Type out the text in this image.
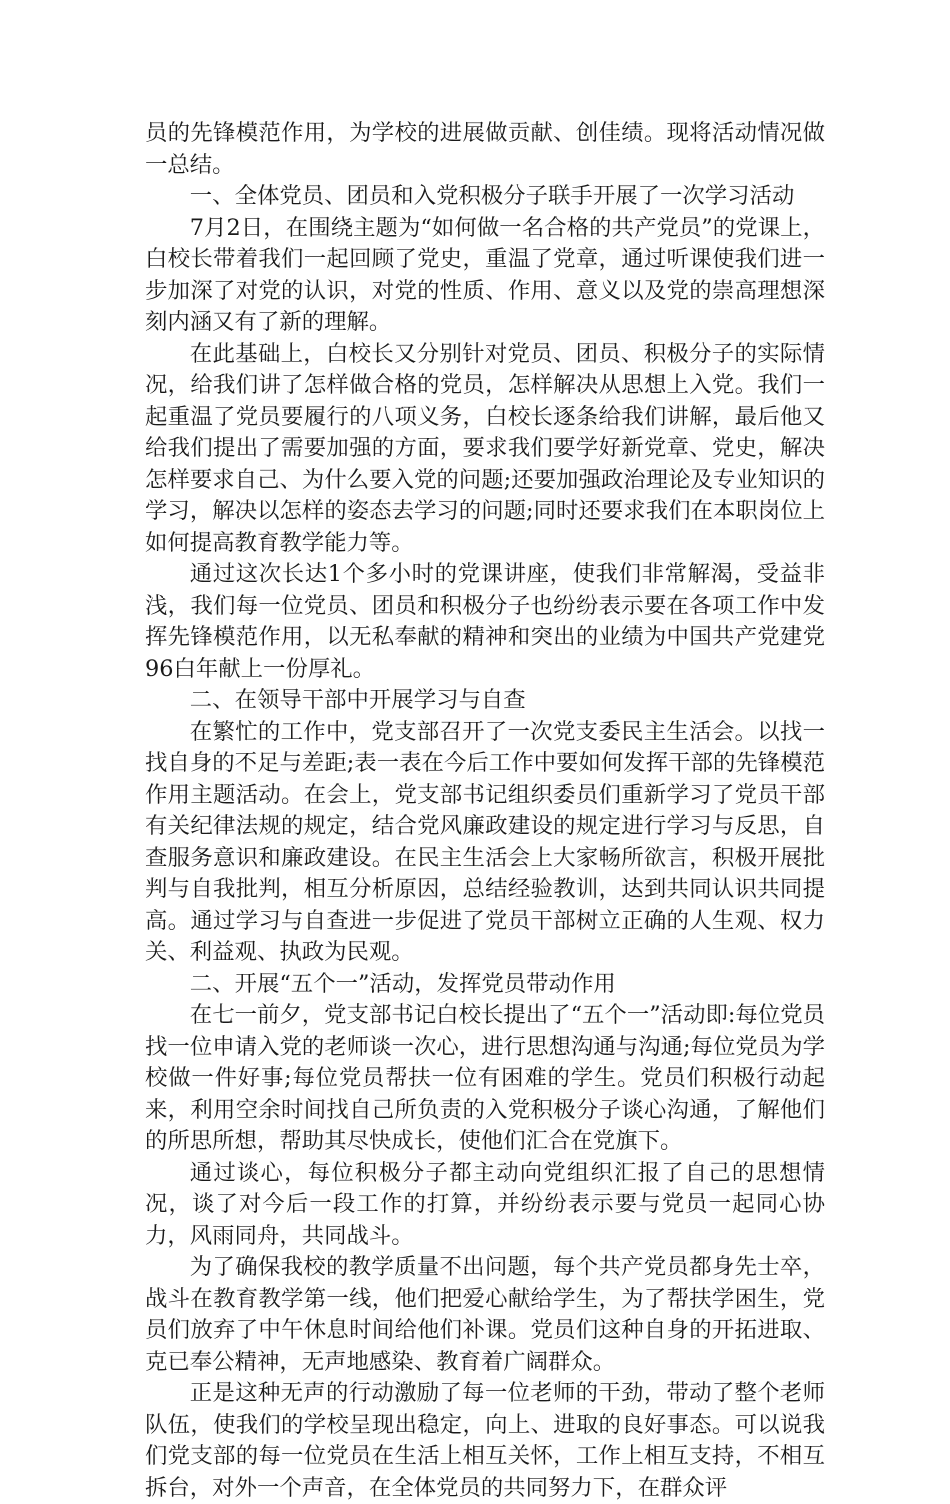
员的先锋模范作用，为学校的进展做贡献、创佳绩。现将活动情况做一总结。

一、全体党员、团员和入党积极分子联手开展了一次学习活动

7月2日，在围绕主题为“如何做一名合格的共产党员”的党课上，白校长带着我们一起回顾了党史，重温了党章，通过听课使我们进一步加深了对党的认识，对党的性质、作用、意义以及党的崇高理想深刻内涵又有了新的理解。

在此基础上，白校长又分别针对党员、团员、积极分子的实际情况，给我们讲了怎样做合格的党员，怎样解决从思想上入党。我们一起重温了党员要履行的八项义务，白校长逐条给我们讲解，最后他又给我们提出了需要加强的方面，要求我们要学好新党章、党史，解决怎样要求自己、为什么要入党的问题;还要加强政治理论及专业知识的学习，解决以怎样的姿态去学习的问题;同时还要求我们在本职岗位上如何提高教育教学能力等。

通过这次长达1个多小时的党课讲座，使我们非常解渴，受益非浅，我们每一位党员、团员和积极分子也纷纷表示要在各项工作中发挥先锋模范作用，以无私奉献的精神和突出的业绩为中国共产党建党96白年献上一份厚礼。

二、在领导干部中开展学习与自查

在繁忙的工作中，党支部召开了一次党支委民主生活会。以找一找自身的不足与差距;表一表在今后工作中要如何发挥干部的先锋模范作用主题活动。在会上，党支部书记组织委员们重新学习了党员干部有关纪律法规的规定，结合党风廉政建设的规定进行学习与反思，自查服务意识和廉政建设。在民主生活会上大家畅所欲言，积极开展批判与自我批判，相互分析原因，总结经验教训，达到共同认识共同提高。通过学习与自查进一步促进了党员干部树立正确的人生观、权力关、利益观、执政为民观。

二、开展“五个一”活动，发挥党员带动作用

在七一前夕，党支部书记白校长提出了“五个一”活动即:每位党员找一位申请入党的老师谈一次心，进行思想沟通与沟通;每位党员为学校做一件好事;每位党员帮扶一位有困难的学生。党员们积极行动起来，利用空余时间找自己所负责的入党积极分子谈心沟通，了解他们的所思所想，帮助其尽快成长，使他们汇合在党旗下。

通过谈心，每位积极分子都主动向党组织汇报了自己的思想情况，谈了对今后一段工作的打算，并纷纷表示要与党员一起同心协力，风雨同舟，共同战斗。

为了确保我校的教学质量不出问题，每个共产党员都身先士卒，战斗在教育教学第一线，他们把爱心献给学生，为了帮扶学困生，党员们放弃了中午休息时间给他们补课。党员们这种自身的开拓进取、克已奉公精神，无声地感染、教育着广阔群众。

正是这种无声的行动激励了每一位老师的干劲，带动了整个老师队伍，使我们的学校呈现出稳定，向上、进取的良好事态。可以说我们党支部的每一位党员在生活上相互关怀，工作上相互支持，不相互拆台，对外一个声音，在全体党员的共同努力下，在群众评
